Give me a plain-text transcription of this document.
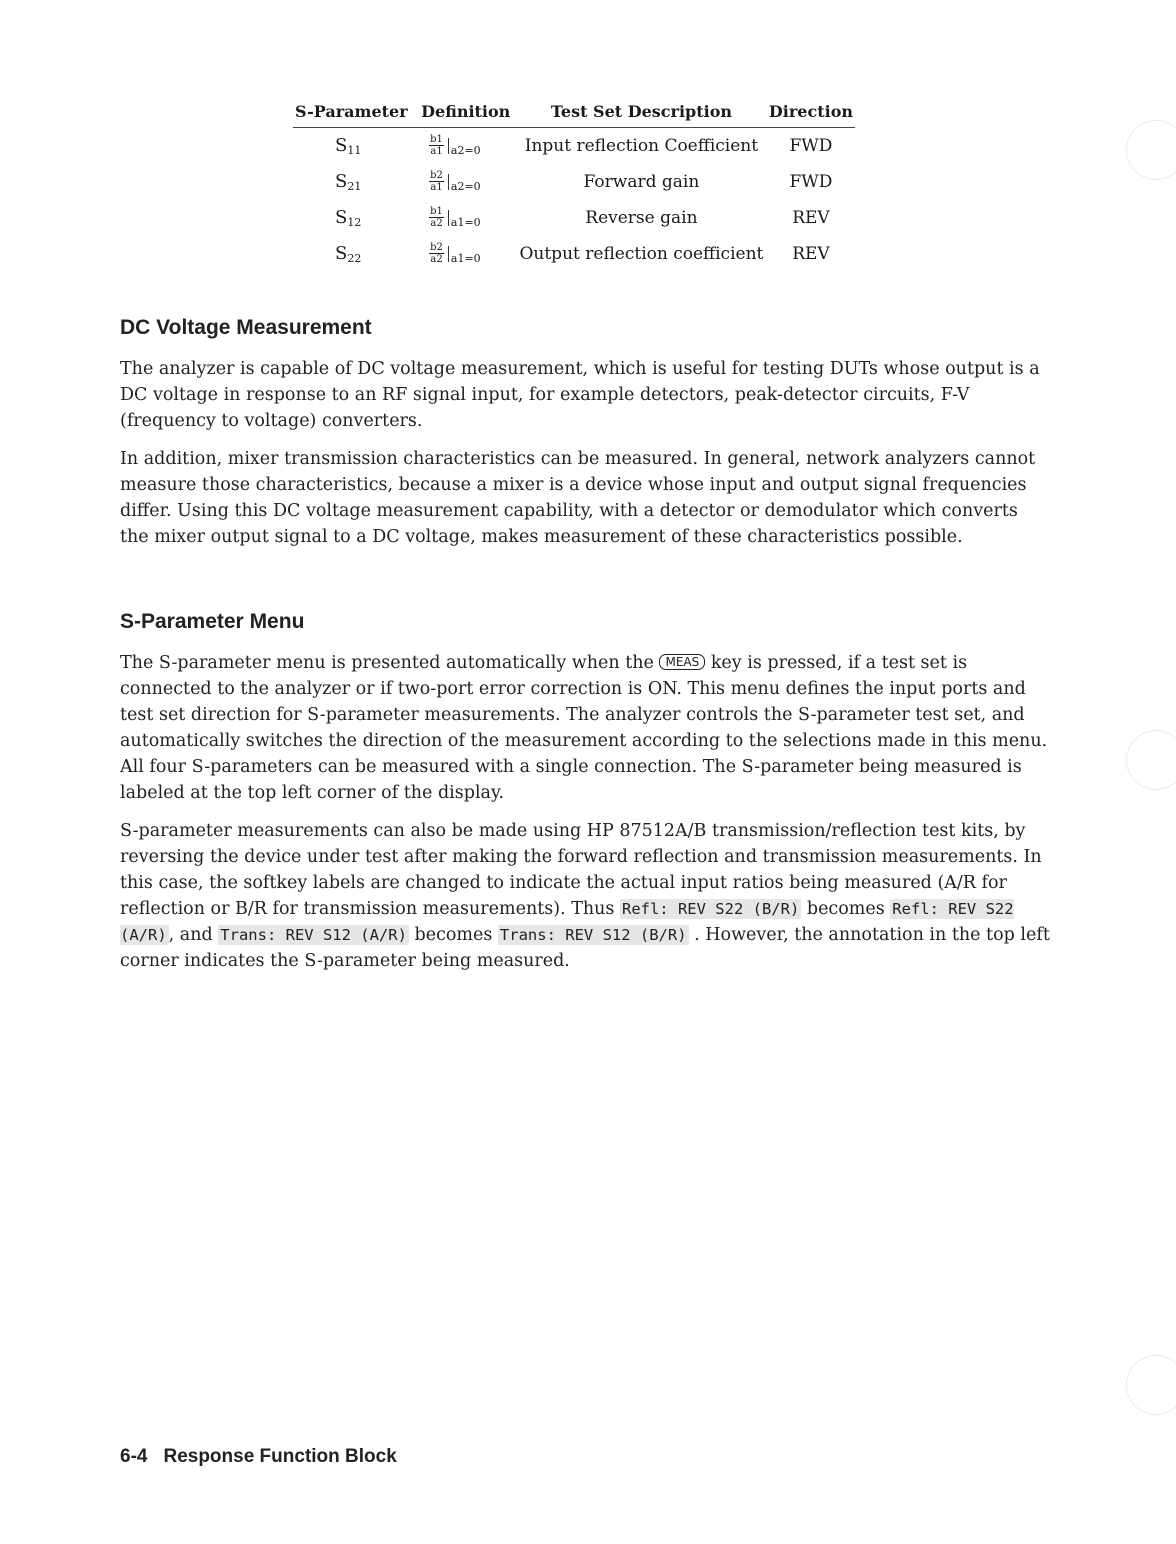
S-Parameter	Definition	Test Set Description	Direction
S11	$\frac{b1}{a1} _{a2=0}$	Input reflection Coefficient	FWD
S21	$\frac{b2}{a1} _{a2=0}$	Forward gain	FWD
S12	$\frac{b1}{a2} _{a1=0}$	Reverse gain	REV
S22	$\frac{b2}{a2} _{a1=0}$	Output reflection coefficient	REV
DC Voltage Measurement

The analyzer is capable of DC voltage measurement, which is useful for testing DUTs whose output is a DC voltage in response to an RF signal input, for example detectors, peak-detector circuits, F-V (frequency to voltage) converters.

In addition, mixer transmission characteristics can be measured. In general, network analyzers cannot measure those characteristics, because a mixer is a device whose input and output signal frequencies differ. Using this DC voltage measurement capability, with a detector or demodulator which converts the mixer output signal to a DC voltage, makes measurement of these characteristics possible.

S-Parameter Menu

The S-parameter menu is presented automatically when the MEAS key is pressed, if a test set is connected to the analyzer or if two-port error correction is ON. This menu defines the input ports and test set direction for S-parameter measurements. The analyzer controls the S-parameter test set, and automatically switches the direction of the measurement according to the selections made in this menu. All four S-parameters can be measured with a single connection. The S-parameter being measured is labeled at the top left corner of the display.

S-parameter measurements can also be made using HP 87512A/B transmission/reflection test kits, by reversing the device under test after making the forward reflection and transmission measurements. In this case, the softkey labels are changed to indicate the actual input ratios being measured (A/R for reflection or B/R for transmission measurements). Thus Refl: REV S22 (B/R) becomes Refl: REV S22 (A/R) , and Trans: REV S12 (A/R) becomes Trans: REV S12 (B/R) . However, the annotation in the top left corner indicates the S-parameter being measured.

6-4 Response Function Block
